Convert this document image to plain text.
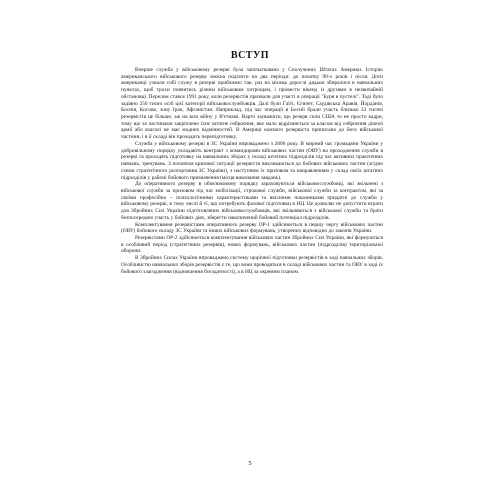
ВСТУП

Вперше служба у військовому резерві була започаткована у Сполучених Штатах Америки. Історію американського військового резерву можна поділити на два періоди: до початку 90-х років і після. Доти американці узнали собі служу в резерві приблизно так: раз на місяць дорослі дядьки збиралися в навчальних пунктах, щоб трохи повчитись різним військовим хитрощам, і провести вікенд із друзями в незвичайній обстановці. Перелом стався 1991 року, коли резервістів призвали для участі в операції "Буря в пустелі". Тоді було задіяно 250 тисяч осіб цієї категорії військовослужбовців. Далі були Гаїті, Єгипет, Саудівська Аравія, Йорданія, Боснія, Косово, зону Ірак, Афганістан. Наприклад, під час операції в Боснії брали участь близько 33 тисячі резервістів це більше, аж на всю війну у В'єтнамі. Варто зауважити, що резерв сили США то не просто кадри, тому що за частинами закріплено їхнє штатне озброєння, яке мало відрізняється за класом від озброєння діючої армії або взагалі не має жодних відмінностей. В Америці кожного резервіста приписано до його військової частини, і в її складі він проходить перепідготовку.

Служба у військовому резерві в ЗС України впроваджено з 2006 року. В мирний час громадяни України у добровільному порядку укладають контракт з командирами військових частин (ОВУ) на проходження служби в резерві та проходять підготовку на навчальних зборах у складі штатних підрозділів під час активних практичних навчань, тренувань. З початком кризової ситуації резервісти викликаються до бойових військових частин (згідно схеми стратегічного розгортання ЗС України), з наступним їх призовом та направленням у склад своїх штатних підрозділів у районі бойового призначення (місця виконання завдань).

До оперативного резерву в обов'язковому порядку зараховуються військовослужбовці, які звільнені з військової служби за призовом під час мобілізації, строкової служби, військової служби за контрактом, які за своїми професійно – психологічними характеристиками та якісними показниками придатні до служби у військовому резерві, в тому числі й ті, що потребують фахової підготовки в НЦ. Це дозволяє не допустити втрати для Збройних Сил України підготовлених військовослужбовців, які звільняються з військової служби та брати безпосередню участь у бойових діях, зберегти накопичений бойовий потенціал підрозділів.

Комплектування резервістами оперативного резерву ОР-1 здійснюється в першу чергу військових частин (ОВУ) бойового складу ЗС України та інших військових формувань, утворених відповідно до законів України.

Резервістами ОР-2 здійснюється комплектування військових частин Збройних Сил України, які формуються в особливий період (стратегічних резервів), нових формувань, військових частин (підрозділів) територіальної оборони.

В Збройних Силах України впроваджено систему щорічної підготовки резервістів в ході навчальних зборів. Особливістю навчальних зборів резервістів є те, що вони проводяться в складі військових частин та ОВУ в ході їх бойового злагодження (відновлення боєздатності), а в НЦ за окремим планом.

5
